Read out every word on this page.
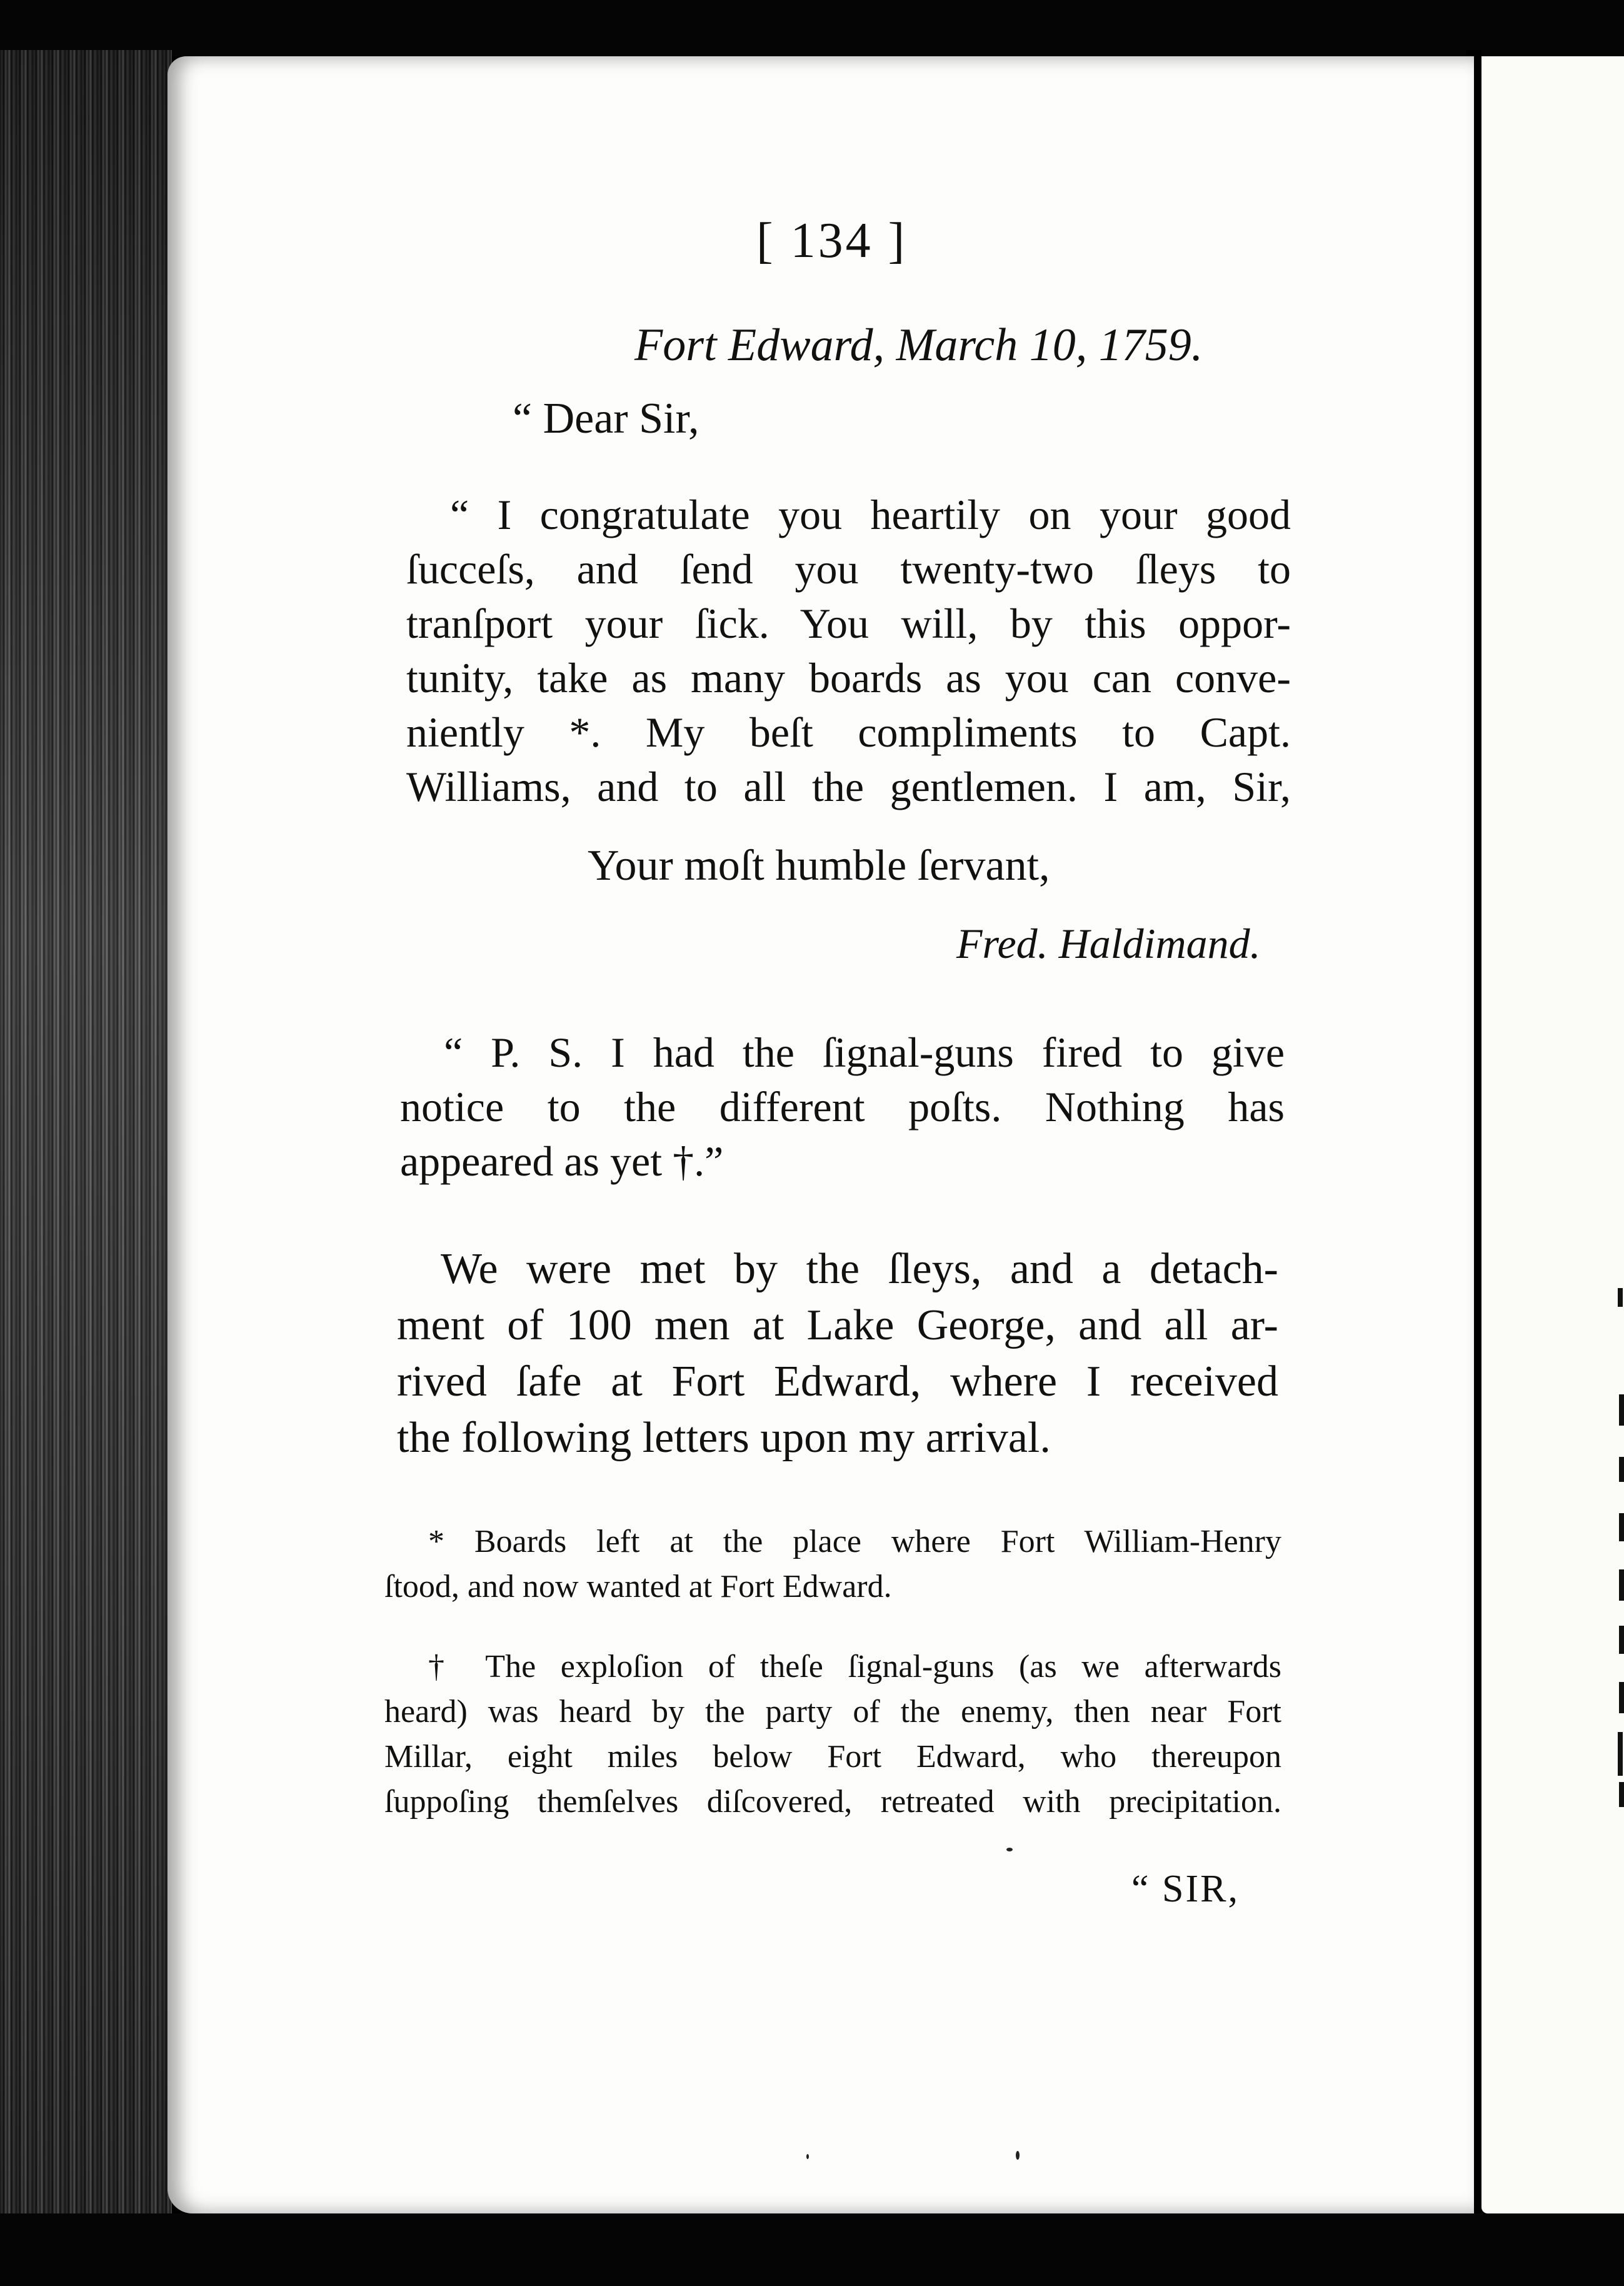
[ 134 ]
Fort Edward, March 10, 1759.
“ Dear Sir,
“ I congratulate you heartily on your good
ſucceſs, and ſend you twenty-two ſleys to
tranſport your ſick. You will, by this oppor-
tunity, take as many boards as you can conve-
niently *. My beſt compliments to Capt.
Williams, and to all the gentlemen. I am, Sir,
Your moſt humble ſervant,
Fred. Haldimand.
“ P. S. I had the ſignal-guns fired to give
notice to the different poſts. Nothing has
appeared as yet †.”
We were met by the ſleys, and a detach-
ment of 100 men at Lake George, and all ar-
rived ſafe at Fort Edward, where I received
the following letters upon my arrival.
* Boards left at the place where Fort William-Henry
ſtood, and now wanted at Fort Edward.
† The exploſion of theſe ſignal-guns (as we afterwards
heard) was heard by the party of the enemy, then near Fort
Millar, eight miles below Fort Edward, who thereupon
ſuppoſing themſelves diſcovered, retreated with precipitation.
“ SIR,
